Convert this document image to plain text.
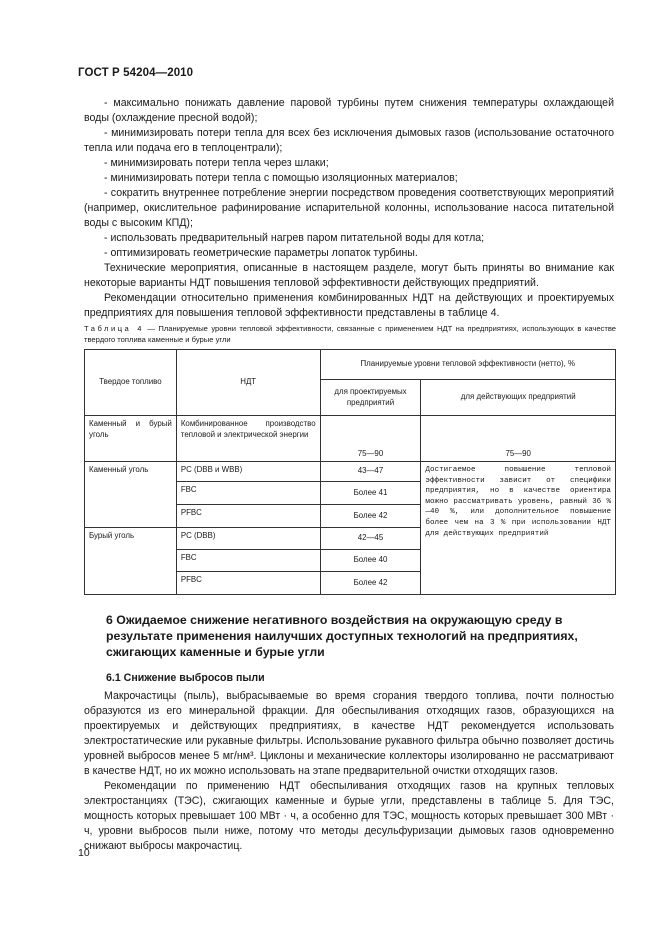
ГОСТ Р 54204—2010

- максимально понижать давление паровой турбины путем снижения температуры охлаждающей воды (охлаждение пресной водой);

- минимизировать потери тепла для всех без исключения дымовых газов (использование остаточного тепла или подача его в теплоцентрали);

- минимизировать потери тепла через шлаки;

- минимизировать потери тепла с помощью изоляционных материалов;

- сократить внутреннее потребление энергии посредством проведения соответствующих мероприятий (например, окислительное рафинирование испарительной колонны, использование насоса питательной воды с высоким КПД);

- использовать предварительный нагрев паром питательной воды для котла;

- оптимизировать геометрические параметры лопаток турбины.

Технические мероприятия, описанные в настоящем разделе, могут быть приняты во внимание как некоторые варианты НДТ повышения тепловой эффективности действующих предприятий.

Рекомендации относительно применения комбинированных НДТ на действующих и проектируемых предприятиях для повышения тепловой эффективности представлены в таблице 4.

Таблица 4 — Планируемые уровни тепловой эффективности, связанные с применением НДТ на предприятиях, использующих в качестве твердого топлива каменные и бурые угли
Твердое топливо	НДТ	Планируемые уровни тепловой эффективности (нетто), %	
		для проектируемых предприятий	для действующих предприятий
Каменный и бурый уголь	Комбинированное производство тепловой и электрической энергии	75—90	75—90
Каменный уголь	PC (DBB и WBB)	43—47	Достигаемое повышение тепловой эффективности зависит от специфики предприятия, но в качестве ориентира можно рассматривать уровень, равный 36 %—40 %, или дополнительное повышение более чем на 3 % при использовании НДТ для действующих предприятий
	FBC	Более 41	
	PFBC	Более 42	
Бурый уголь	PC (DBB)	42—45	
	FBC	Более 40	
	PFBC	Более 42	
6 Ожидаемое снижение негативного воздействия на окружающую среду в результате применения наилучших доступных технологий на предприятиях, сжигающих каменные и бурые угли
6.1 Снижение выбросов пыли

Макрочастицы (пыль), выбрасываемые во время сгорания твердого топлива, почти полностью образуются из его минеральной фракции. Для обеспыливания отходящих газов, образующихся на проектируемых и действующих предприятиях, в качестве НДТ рекомендуется использовать электростатические или рукавные фильтры. Использование рукавного фильтра обычно позволяет достичь уровней выбросов менее 5 мг/нм³. Циклоны и механические коллекторы изолированно не рассматривают в качестве НДТ, но их можно использовать на этапе предварительной очистки отходящих газов.

Рекомендации по применению НДТ обеспыливания отходящих газов на крупных тепловых электростанциях (ТЭС), сжигающих каменные и бурые угли, представлены в таблице 5. Для ТЭС, мощность которых превышает 100 МВт · ч, а особенно для ТЭС, мощность которых превышает 300 МВт · ч, уровни выбросов пыли ниже, потому что методы десульфуризации дымовых газов одновременно снижают выбросы макрочастиц.

10
